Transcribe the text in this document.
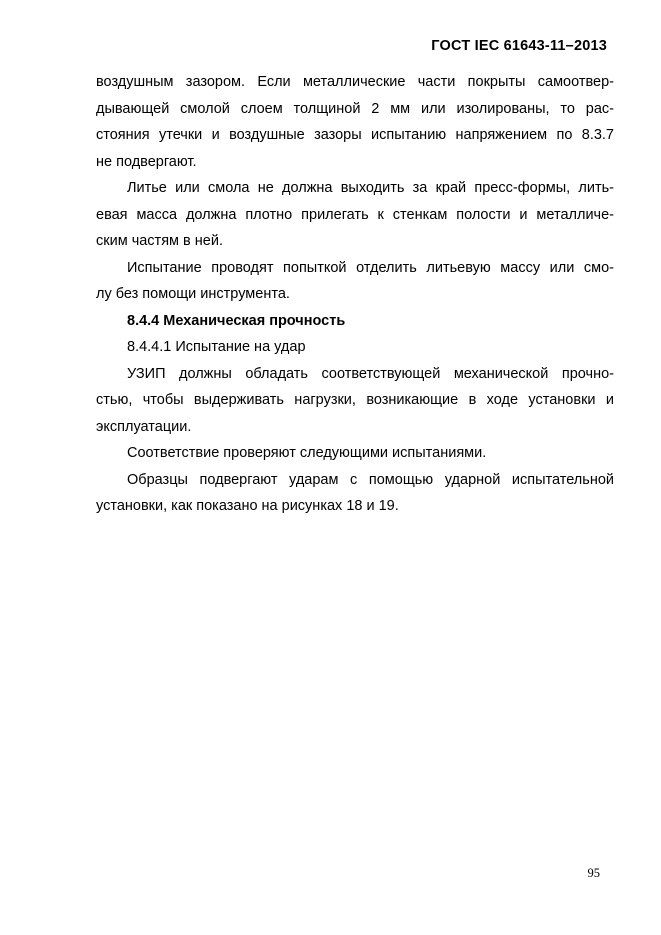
ГОСТ IEC 61643-11–2013
воздушным зазором. Если металлические части покрыты самоотвер-
дывающей смолой слоем толщиной 2 мм или изолированы, то рас-
стояния утечки и воздушные зазоры испытанию напряжением по 8.3.7
не подвергают.
Литье или смола не должна выходить за край пресс-формы, лить-
евая масса должна плотно прилегать к стенкам полости и металличе-
ским частям в ней.
Испытание проводят попыткой отделить литьевую массу или смо-
лу без помощи инструмента.
8.4.4 Механическая прочность
8.4.4.1 Испытание на удар
УЗИП должны обладать соответствующей механической прочно-
стью, чтобы выдерживать нагрузки, возникающие в ходе установки и
эксплуатации.
Соответствие проверяют следующими испытаниями.
Образцы подвергают ударам с помощью ударной испытательной
установки, как показано на рисунках 18 и 19.
95
